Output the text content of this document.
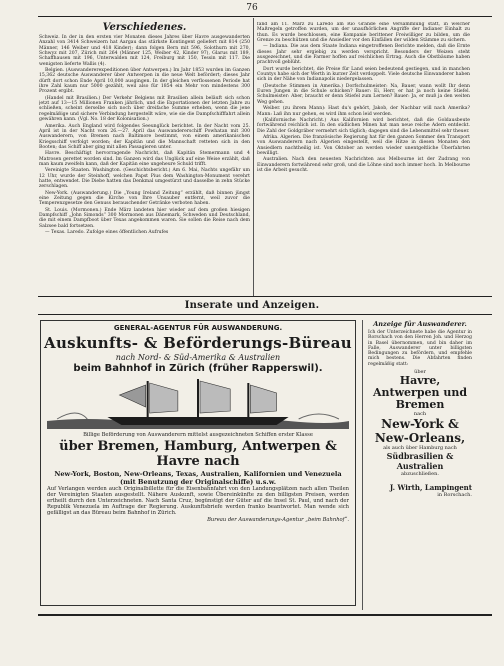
76

Verschiedenes.

Schweiz. In der in den ersten vier Monaten dieses Jahres über Havre ausgewanderten Anzahl von 3414 Schweizern hat Aargau das stärkste Kontingent geliefert mit 814 (250 Männer, 146 Weiber und 418 Kinder); dann folgen Bern mit 596, Solothurn mit 270, Schwyz mit 207, Zürich mit 264 (Männer 125, Weiber 42, Kinder 97), Glarus mit 189, Schaffhausen mit 196, Unterwalden mit 124, Freiburg mit 150, Tessin mit 117. Die wenigsten lieferte Wallis (4).

Belgien. (Auswandererexpeditionen über Antwerpen.) Im Jahr 1853 wurden im Ganzen 15,362 deutsche Auswanderer über Antwerpen in die neue Welt befördert; dieses Jahr dürft dort schon Ende April 10,000 ausgingen. In der gleichen verflossenen Periode hat ihre Zahl kaum nur 5000 gezählt, weil also für 1854 ein Mehr von mindestens 300 Prozent ergibt.

(Handel mit Brasilien.) Der Verkehr Belgiens mit Brasilien allein beläuft sich schon jetzt auf 13—15 Millionen Franken jährlich, und die Exportationen der letzten Jahre zu schließen, scheint derselbe sich noch über dreifache Summe erheben, wenn die jene regelmäßige und sichere Verbindung hergestellt wäre, wie sie die Dampfschifffahrt allein gewähren kann. (Vgl. No. 18 der Kolonisation.)

Amerika. Auch England wird folgendes Seeunglück berichtet. In der Nacht vom 25. April ist in der Nacht vom 26.—27. April das Auswandererschiff Powhatan mit 300 Auswanderern, von Bremen nach Baltimore bestimmt, von einem amerikanischen Kriegsschiff verfolgt worden; der Kapitän und die Mannschaft retteten sich in den Booten; das Schiff aber ging mit allen Passagieren unter.

Havre. Beschäftigt hervorragende Nachricht, daß Kapitän Stemermann und 4 Matrosen gerettet worden sind. Im Ganzen wird das Unglück auf eine Weise erzählt, daß man kaum zweifeln kann, daß der Kapitän eine ungeheure Schuld trifft.

Vereinigte Staaten. Washington. (Geschichtsbericht.) Am 6. Mai, Nachts ungefähr um 12 Uhr, wurde der Steinhoff, welchen Papst Pius dem Washington-Monument verehrt hatte, entwendet. Die Diebe hatten das Denkmal umgestürzt und dasselbe in zehn Stücke zerschlagen.

New-York. (Auswanderung.) Die „Young Ireland Zeitung“ erzählt, daß binnen jüngst eine Zeitung gegen die Kirche von Ihre Unsauber entfernt, weil zuvor die Temperenzgesetze den Genuss berauschender Getränke verboten haben.

St. Louis. (Mormonen.) Ende März landeten hier wieder auf dem großen hiesigen Dampfschiff „John Simonds“ 300 Mormonen aus Dänemark, Schweden und Deutschland, die mit einem Dampfboot über Texas angekommen waren. Sie sollen die Reise nach dem Salzsee bald fortsetzen.

— Texas. Laredo. Zufolge eines öffentlichen Aufrufes

fand am 11. März zu Laredo am Rio Grande eine Versammlung statt, in welcher Maßregeln getroffen wurden, um der unaufhörlichen Angriffe der Indianer Einhalt zu thun. Es wurde beschlossen, eine Kompanie berittener Freiwilliger zu bilden, um die Grenze zu beschützen und die Ansiedler vor den Einfällen der wilden Stämme zu sichern.

— Indiana. Die aus dem Staate Indiana eingetroffenen Berichte melden, daß die Ernte dieses Jahr sehr ergiebig zu werden verspricht. Besonders der Weizen steht ausgezeichnet, und die Farmer hoffen auf reichlichen Ertrag. Auch die Obstbäume haben prachtvoll geblüht.

Dort wurde berichtet, die Preise für Land seien bedeutend gestiegen, und in manchen Countys habe sich der Werth in kurzer Zeit verdoppelt. Viele deutsche Einwanderer haben sich in der Nähe von Indianapolis niedergelassen.

(Deutsche Stimmen in Amerika.) Dorfschulmeister: Na, Bauer, wann wollt Ihr denn Euren Jungen in die Schule schicken? Bauer: Ei, Herr, er hat ja noch keine Stiefel. Schulmeister: Aber, braucht er denn Stiefel zum Lernen? Bauer: Ja, er muß ja den weiten Weg gehen.

Weiber. (zu ihrem Mann): Hast du's gehört, Jakob, der Nachbar will nach Amerika? Mann: Laß ihn nur gehen, es wird ihm schon leid werden.

(Kalifornische Nachricht.) Aus Kalifornien wird berichtet, daß die Goldausbeute fortwährend reichlich ist. In den südlichen Minen hat man neue reiche Adern entdeckt. Die Zahl der Goldgräber vermehrt sich täglich; dagegen sind die Lebensmittel sehr theuer.

Afrika. Algerien. Die französische Regierung hat für den ganzen Sommer den Transport von Auswanderern nach Algerien eingestellt, weil die Hitze in diesen Monaten den Ansiedlern nachtheilig ist. Von Oktober an werden wieder unentgeltliche Überfahrten bewilligt.

Australien. Nach den neuesten Nachrichten aus Melbourne ist der Zudrang von Einwanderern fortwährend sehr groß, und die Löhne sind noch immer hoch. In Melbourne ist die Arbeit gesucht.

Inserate und Anzeigen.
GENERAL-AGENTUR FÜR AUSWANDERUNG.
Auskunfts- & Beförderungs-Büreau
nach Nord- & Süd-Amerika & Australien
beim Bahnhof in Zürich (früher Rapperswil).
Billige Beförderung von Auswanderern mittelst ausgezeichneten Schiffen erster Klasse
über Bremen, Hamburg, Antwerpen & Havre nach
New-York, Boston, New-Orleans, Texas, Australien, Kalifornien und Venezuela (mit Benutzung der Originalschiffe) u.s.w.
Auf Verlangen werden auch Originalbillette für die Eisenbahnfahrt von den Landungsplätzen nach allen Theilen der Vereinigten Staaten ausgestellt. Nähere Auskunft, sowie Übereinkünfte zu den billigsten Preisen, werden ertheilt durch den Unterzeichneten. Nach Santa Cruz, begünstigt der Güter auf die Insel St. Paul, und nach der Republik Venezuela im Auftrage der Regierung. Auskunftsbriefe werden franko beantwortet. Man wende sich gefälligst an das Büreau beim Bahnhof in Zürich.
Bureau der Auswanderungs-Agentur „beim Bahnhof“.
Anzeige für Auswanderer.
Ich der Unterzeichnete habe die Agentur in Rorschach von den Herren Joh. und Herzog in Basel übernommen, und bin daher im Falle, Auswanderer unter billigsten Bedingungen zu befördern, und empfehle mich bestens. Die Abfahrten finden regelmäßig statt:
über
Havre, Antwerpen und Bremen
nach
New-York & New-Orleans,
als auch über Hamburg nach
Südbrasilien & Australien
abzuschließen.
J. Wirth, Lampingent
in Rorschach.
